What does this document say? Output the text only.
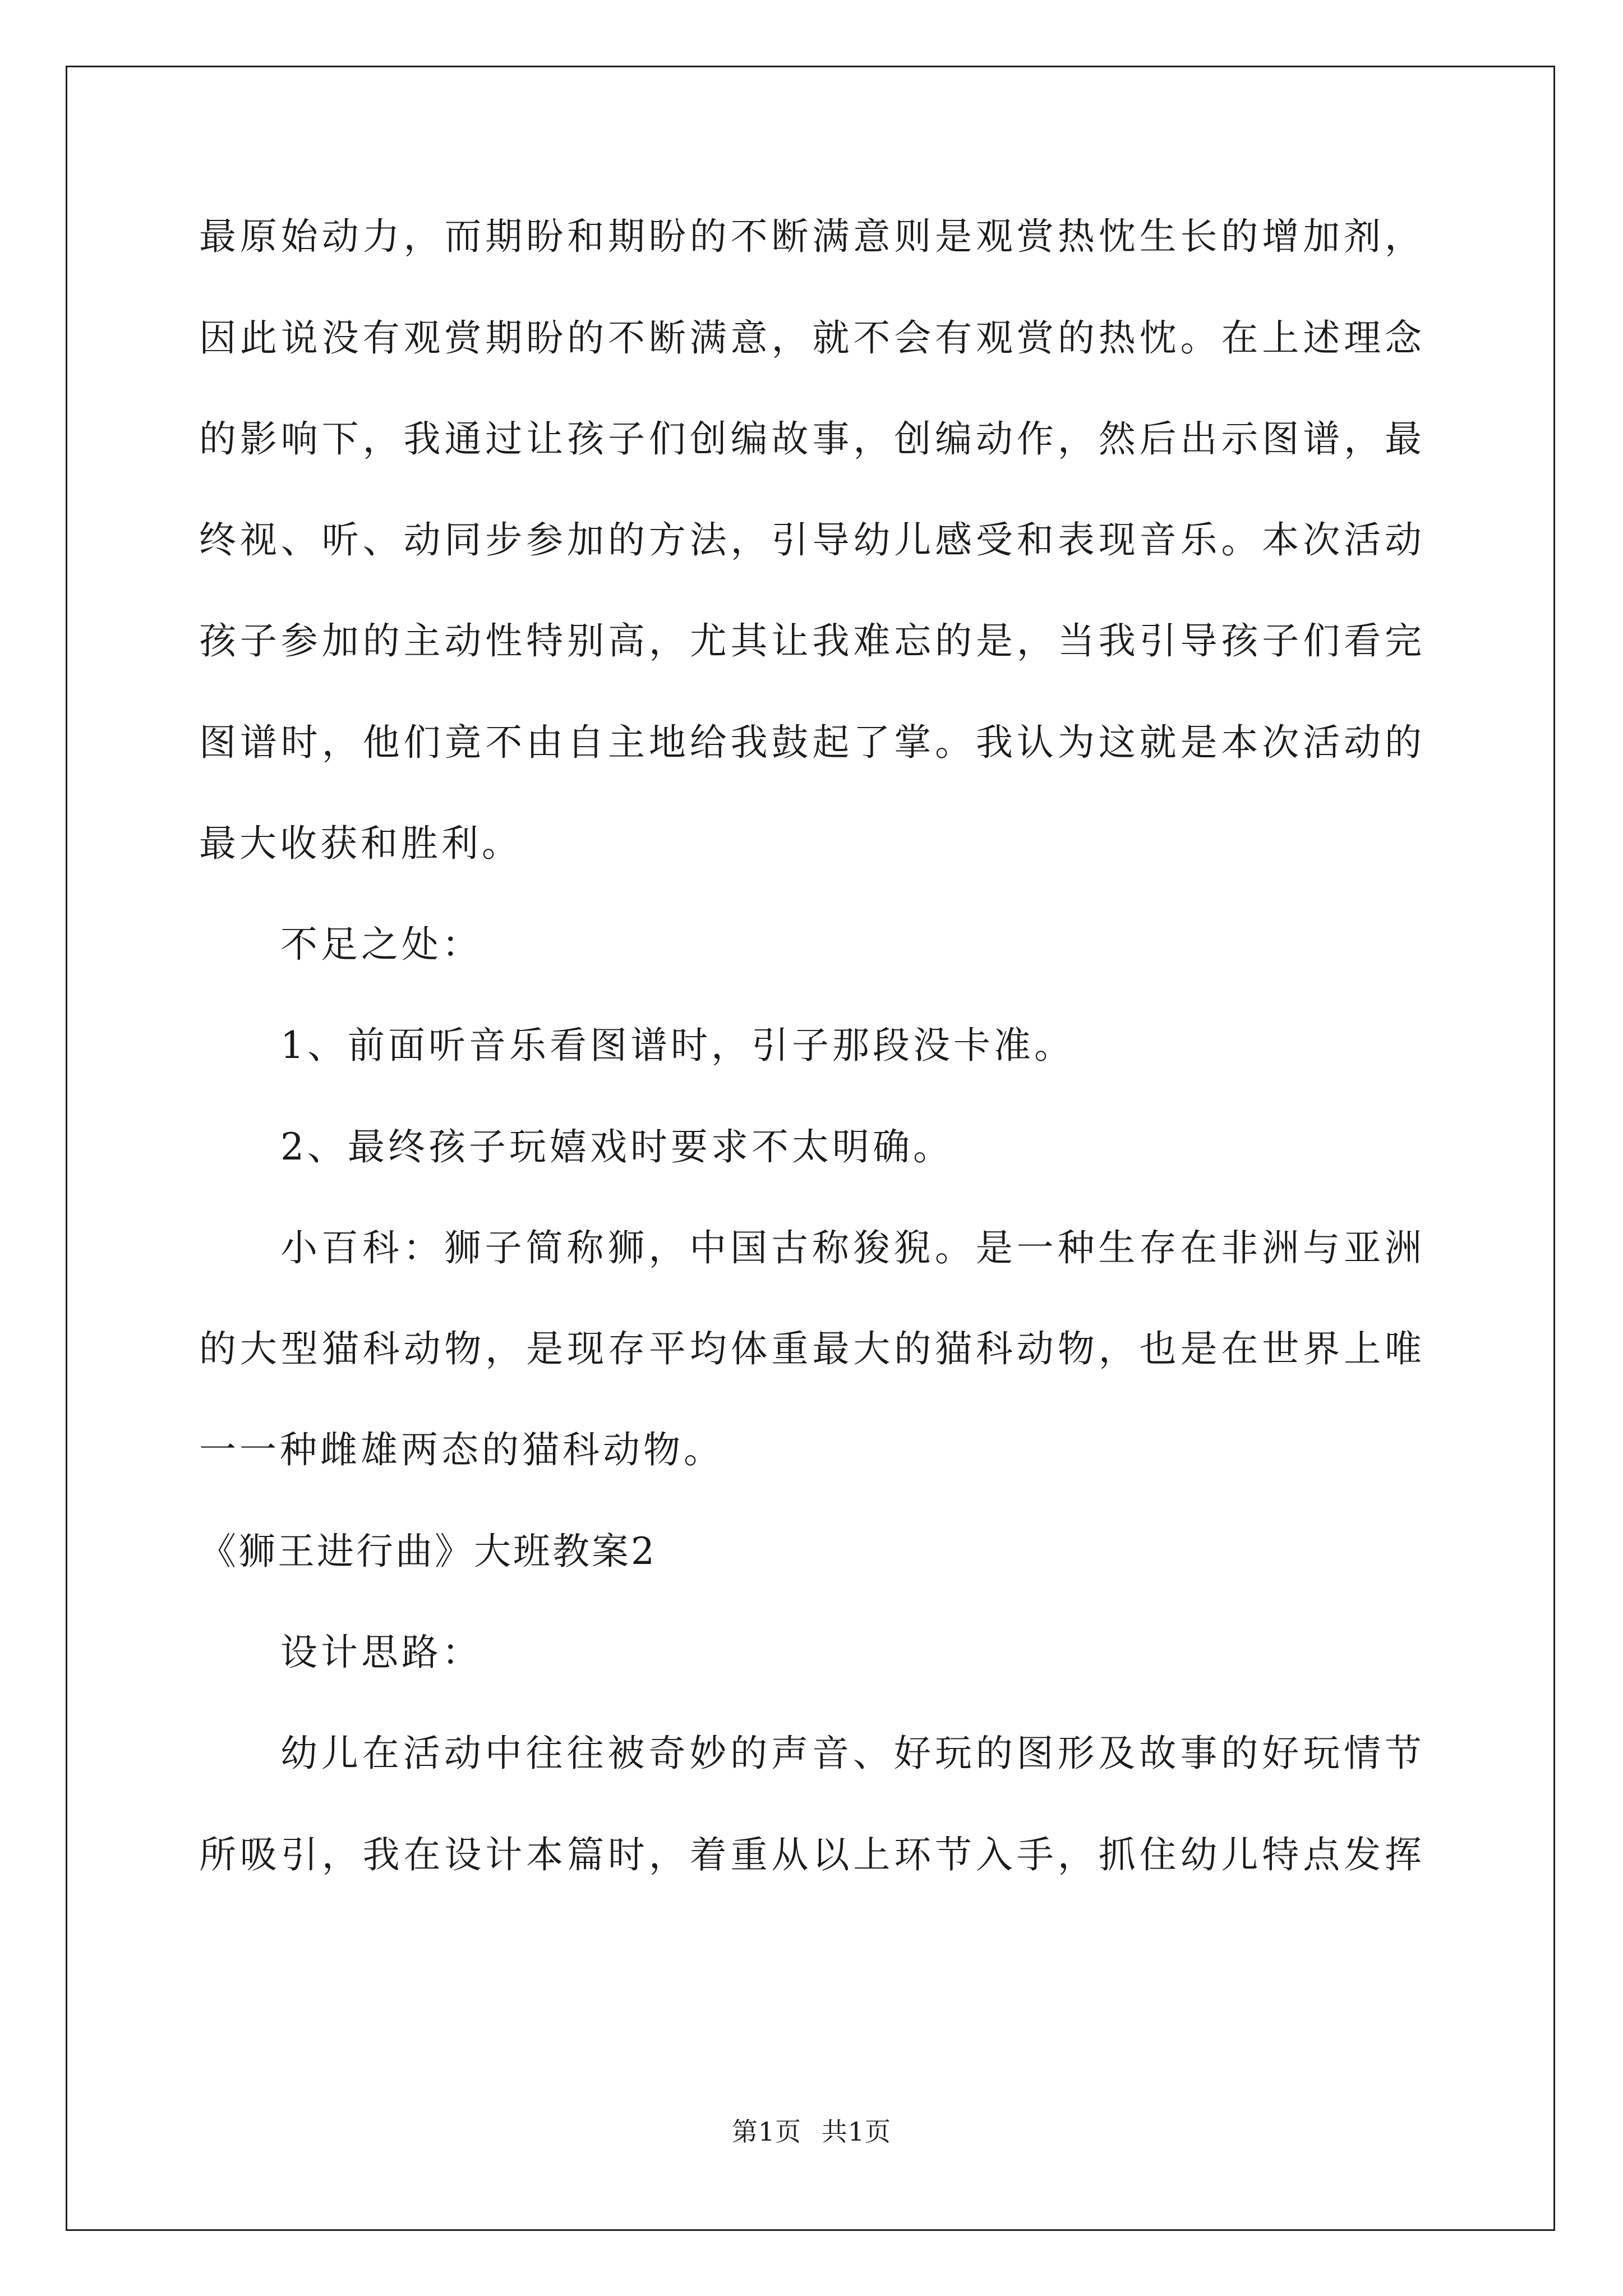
最原始动力，而期盼和期盼的不断满意则是观赏热忱生长的增加剂，
因此说没有观赏期盼的不断满意，就不会有观赏的热忱。在上述理念
的影响下，我通过让孩子们创编故事，创编动作，然后出示图谱，最
终视、听、动同步参加的方法，引导幼儿感受和表现音乐。本次活动
孩子参加的主动性特别高，尤其让我难忘的是，当我引导孩子们看完
图谱时，他们竟不由自主地给我鼓起了掌。我认为这就是本次活动的
最大收获和胜利。
不足之处：
1、前面听音乐看图谱时，引子那段没卡准。
2、最终孩子玩嬉戏时要求不太明确。
小百科：狮子简称狮，中国古称狻猊。是一种生存在非洲与亚洲
的大型猫科动物，是现存平均体重最大的猫科动物，也是在世界上唯
一一种雌雄两态的猫科动物。
《狮王进行曲》大班教案2
设计思路：
幼儿在活动中往往被奇妙的声音、好玩的图形及故事的好玩情节
所吸引，我在设计本篇时，着重从以上环节入手，抓住幼儿特点发挥
第1页 共1页
